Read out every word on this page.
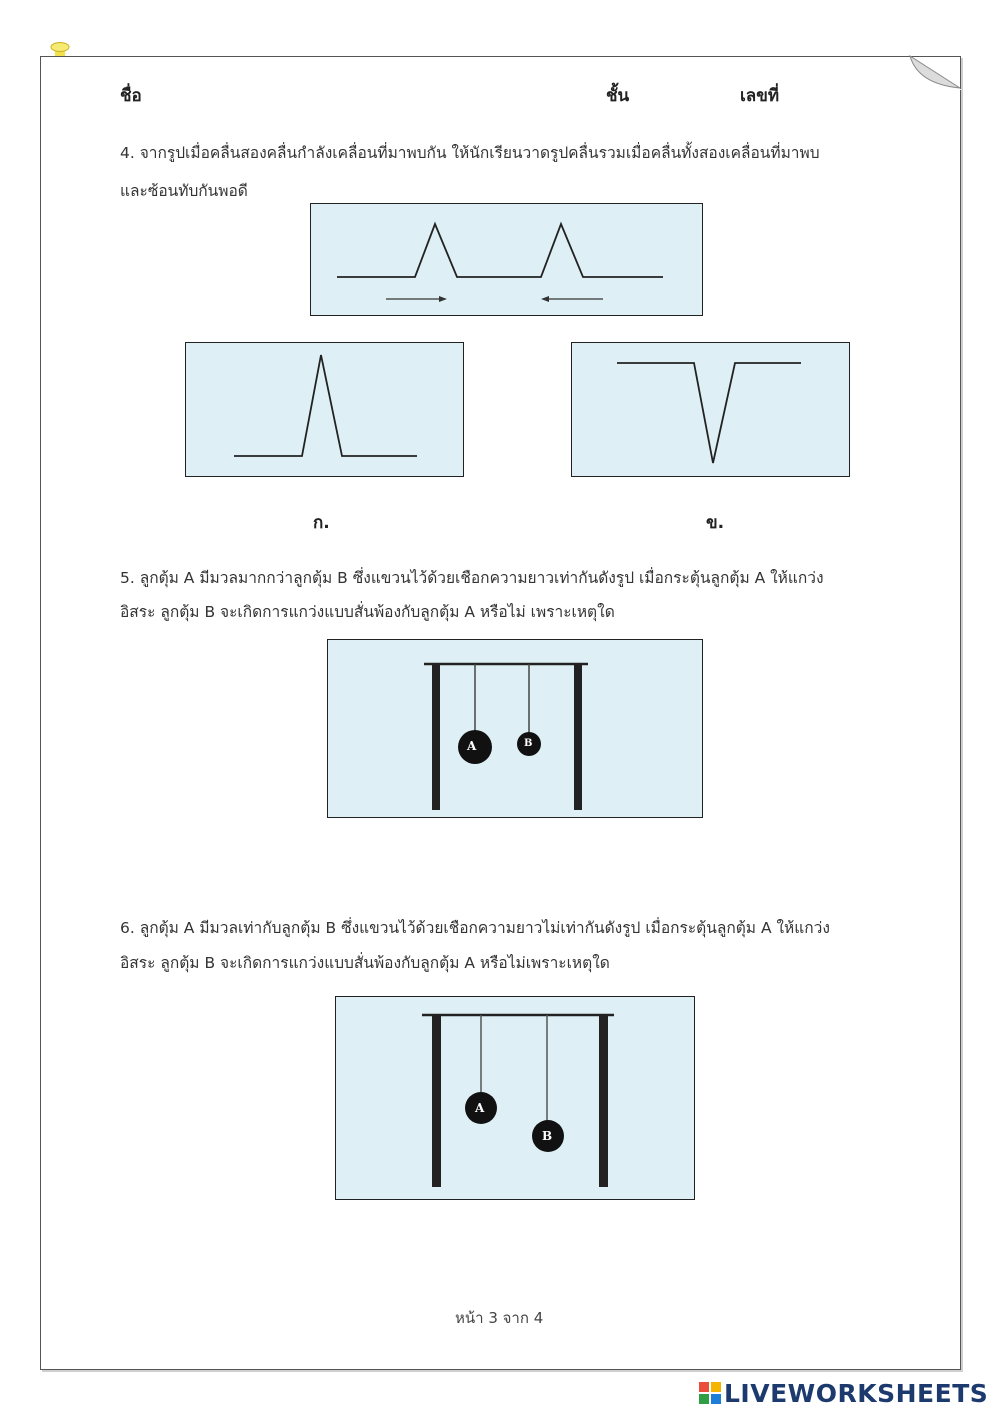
ชื่อ	ชั้น	เลขที่

4. จากรูปเมื่อคลื่นสองคลื่นกำลังเคลื่อนที่มาพบกัน ให้นักเรียนวาดรูปคลื่นรวมเมื่อคลื่นทั้งสองเคลื่อนที่มาพบ

และซ้อนทับกันพอดี

ก.	ข.

5. ลูกตุ้ม A มีมวลมากกว่าลูกตุ้ม B ซึ่งแขวนไว้ด้วยเชือกความยาวเท่ากันดังรูป เมื่อกระตุ้นลูกตุ้ม A ให้แกว่ง

อิสระ ลูกตุ้ม B จะเกิดการแกว่งแบบสั่นพ้องกับลูกตุ้ม A หรือไม่ เพราะเหตุใด

A	B

6. ลูกตุ้ม A มีมวลเท่ากับลูกตุ้ม B ซึ่งแขวนไว้ด้วยเชือกความยาวไม่เท่ากันดังรูป เมื่อกระตุ้นลูกตุ้ม A ให้แกว่ง

อิสระ ลูกตุ้ม B จะเกิดการแกว่งแบบสั่นพ้องกับลูกตุ้ม A หรือไม่เพราะเหตุใด

A
B

หน้า 3 จาก 4

LIVEWORKSHEETS
